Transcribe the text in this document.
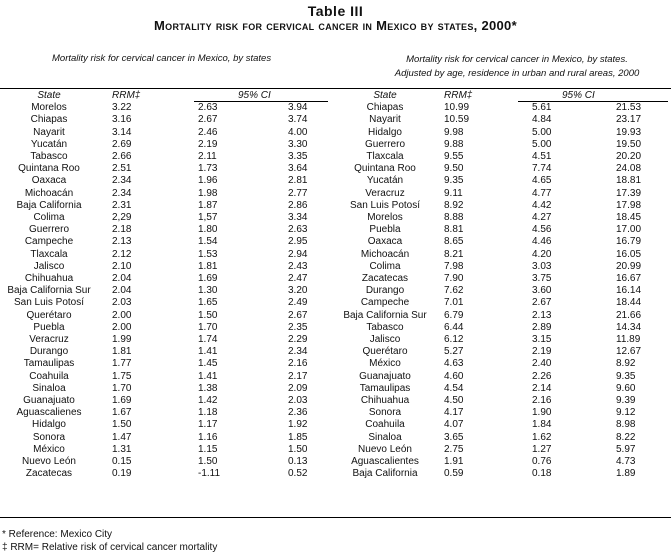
Table III
Mortality risk for cervical cancer in Mexico by states, 2000*
Mortality risk for cervical cancer in Mexico, by states	Mortality risk for cervical cancer in Mexico, by states.
Adjusted by age, residence in urban and rural areas, 2000
State	RRM‡	95% CI	
Morelos	3.22	2.63	3.94
Chiapas	3.16	2.67	3.74
Nayarit	3.14	2.46	4.00
Yucatán	2.69	2.19	3.30
Tabasco	2.66	2.11	3.35
Quintana Roo	2.51	1.73	3.64
Oaxaca	2.34	1.96	2.81
Michoacán	2.34	1.98	2.77
Baja California	2.31	1.87	2.86
Colima	2,29	1,57	3.34
Guerrero	2.18	1.80	2.63
Campeche	2.13	1.54	2.95
Tlaxcala	2.12	1.53	2.94
Jalisco	2.10	1.81	2.43
Chihuahua	2.04	1.69	2.47
Baja California Sur	2.04	1.30	3.20
San Luis Potosí	2.03	1.65	2.49
Querétaro	2.00	1.50	2.67
Puebla	2.00	1.70	2.35
Veracruz	1.99	1.74	2.29
Durango	1.81	1.41	2.34
Tamaulipas	1.77	1.45	2.16
Coahuila	1.75	1.41	2.17
Sinaloa	1.70	1.38	2.09
Guanajuato	1.69	1.42	2.03
Aguascalienes	1.67	1.18	2.36
Hidalgo	1.50	1.17	1.92
Sonora	1.47	1.16	1.85
México	1.31	1.15	1.50
Nuevo León	0.15	1.50	0.13
Zacatecas	0.19	-1.11	0.52
State	RRM‡	95% CI	
Chiapas	10.99	5.61	21.53
Nayarit	10.59	4.84	23.17
Hidalgo	9.98	5.00	19.93
Guerrero	9.88	5.00	19.50
Tlaxcala	9.55	4.51	20.20
Quintana Roo	9.50	7.74	24.08
Yucatán	9.35	4.65	18.81
Veracruz	9.11	4.77	17.39
San Luis Potosí	8.92	4.42	17.98
Morelos	8.88	4.27	18.45
Puebla	8.81	4.56	17.00
Oaxaca	8.65	4.46	16.79
Michoacán	8.21	4.20	16.05
Colima	7.98	3.03	20.99
Zacatecas	7.90	3.75	16.67
Durango	7.62	3.60	16.14
Campeche	7.01	2.67	18.44
Baja California Sur	6.79	2.13	21.66
Tabasco	6.44	2.89	14.34
Jalisco	6.12	3.15	11.89
Querétaro	5.27	2.19	12.67
México	4.63	2.40	8.92
Guanajuato	4.60	2.26	9.35
Tamaulipas	4.54	2.14	9.60
Chihuahua	4.50	2.16	9.39
Sonora	4.17	1.90	9.12
Coahuila	4.07	1.84	8.98
Sinaloa	3.65	1.62	8.22
Nuevo León	2.75	1.27	5.97
Aguascalientes	1.91	0.76	4.73
Baja California	0.59	0.18	1.89
* Reference: Mexico City
‡ RRM= Relative risk of cervical cancer mortality
